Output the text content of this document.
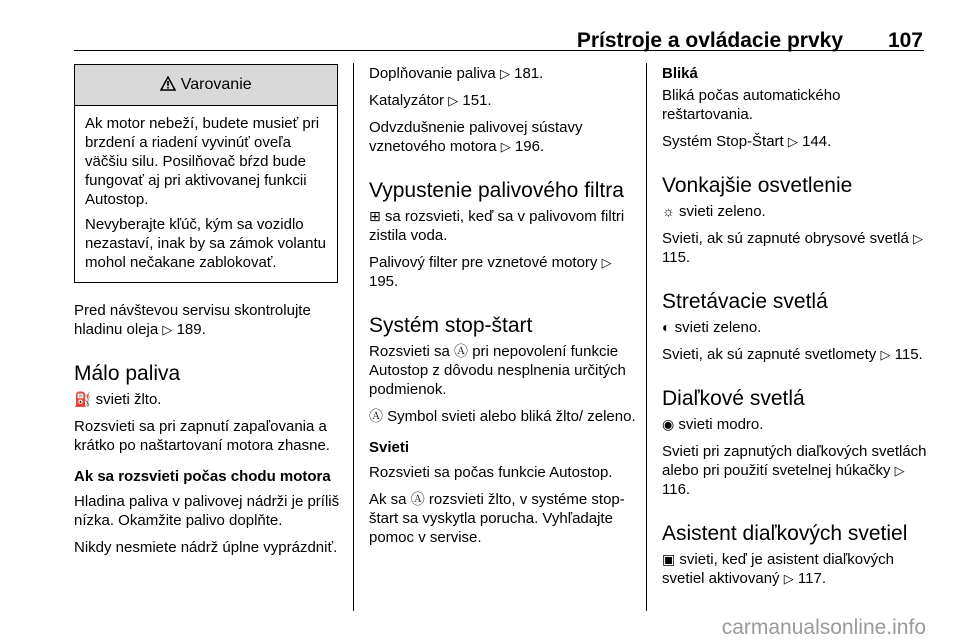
Prístroje a ovládacie prvky 107
Varovanie

Ak motor nebeží, budete musieť pri brzdení a riadení vyvinúť oveľa väčšiu silu. Posilňovač bŕzd bude fungovať aj pri aktivovanej funkcii Autostop.

Nevyberajte kľúč, kým sa vozidlo nezastaví, inak by sa zámok volantu mohol nečakane zablokovať.

Pred návštevou servisu skontrolujte hladinu oleja ▷ 189.

Málo paliva

⛽ svieti žlto.

Rozsvieti sa pri zapnutí zapaľovania a krátko po naštartovaní motora zhasne.

Ak sa rozsvieti počas chodu motora

Hladina paliva v palivovej nádrži je príliš nízka. Okamžite palivo doplňte.

Nikdy nesmiete nádrž úplne vyprázdniť.

Doplňovanie paliva ▷ 181.

Katalyzátor ▷ 151.

Odvzdušnenie palivovej sústavy vznetového motora ▷ 196.

Vypustenie palivového filtra

⊞ sa rozsvieti, keď sa v palivovom filtri zistila voda.

Palivový filter pre vznetové motory ▷ 195.

Systém stop-štart

Rozsvieti sa Ⓐ pri nepovolení funkcie Autostop z dôvodu nesplnenia určitých podmienok.

Ⓐ Symbol svieti alebo bliká žlto/ zeleno.

Svieti

Rozsvieti sa počas funkcie Autostop.

Ak sa Ⓐ rozsvieti žlto, v systéme stop-štart sa vyskytla porucha. Vyhľadajte pomoc v servise.

Bliká

Bliká počas automatického reštartovania.

Systém Stop-Štart ▷ 144.

Vonkajšie osvetlenie

☼ svieti zeleno.

Svieti, ak sú zapnuté obrysové svetlá ▷ 115.

Stretávacie svetlá

◐ svieti zeleno.

Svieti, ak sú zapnuté svetlomety ▷ 115.

Diaľkové svetlá

◉ svieti modro.

Svieti pri zapnutých diaľkových svetlách alebo pri použití svetelnej húkačky ▷ 116.

Asistent diaľkových svetiel

▣ svieti, keď je asistent diaľkových svetiel aktivovaný ▷ 117.

carmanualsonline.info
